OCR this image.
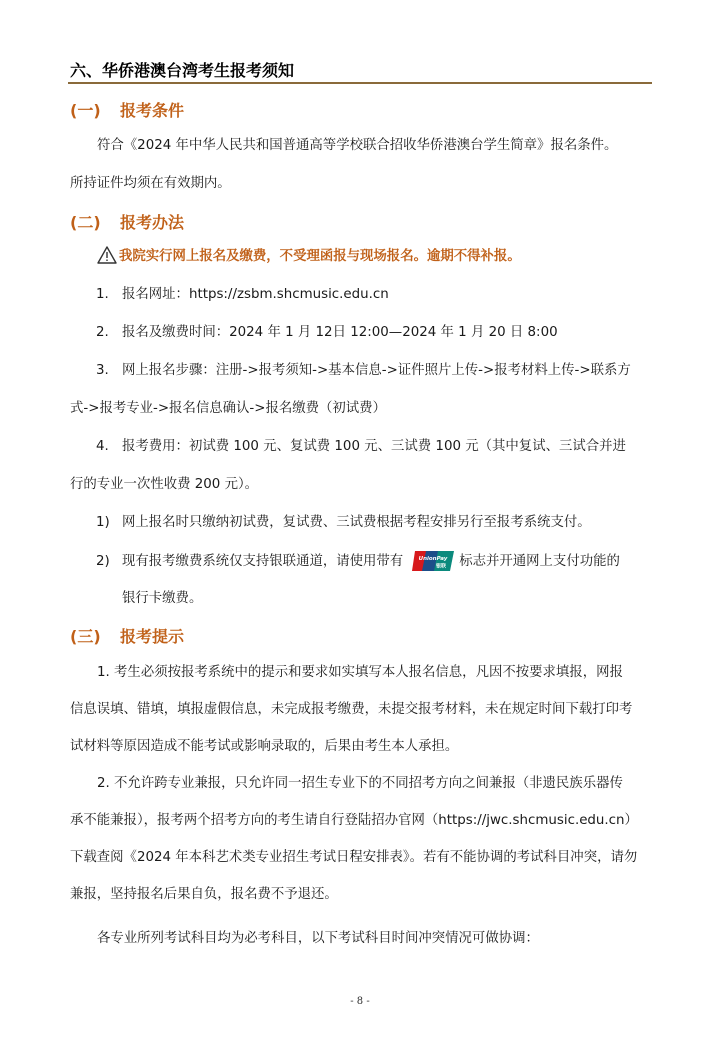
六、华侨港澳台湾考生报考须知
(一) 报考条件
符合《2024 年中华人民共和国普通高等学校联合招收华侨港澳台学生简章》报名条件。
所持证件均须在有效期内。
(二) 报考办法
我院实行网上报名及缴费，不受理函报与现场报名。逾期不得补报。
1. 报名网址：https://zsbm.shcmusic.edu.cn
2. 报名及缴费时间：2024 年 1 月 12日 12:00—2024 年 1 月 20 日 8:00
3. 网上报名步骤：注册->报考须知->基本信息->证件照片上传->报考材料上传->联系方
式->报考专业->报名信息确认->报名缴费（初试费）
4. 报考费用：初试费 100 元、复试费 100 元、三试费 100 元（其中复试、三试合并进
行的专业一次性收费 200 元）。
1) 网上报名时只缴纳初试费，复试费、三试费根据考程安排另行至报考系统支付。
2) 现有报考缴费系统仅支持银联通道，请使用带有	UnionPay
银联 标志并开通网上支付功能的
银行卡缴费。
(三) 报考提示
1. 考生必须按报考系统中的提示和要求如实填写本人报名信息，凡因不按要求填报，网报
信息误填、错填，填报虚假信息，未完成报考缴费，未提交报考材料，未在规定时间下载打印考
试材料等原因造成不能考试或影响录取的，后果由考生本人承担。
2. 不允许跨专业兼报，只允许同一招生专业下的不同招考方向之间兼报（非遗民族乐器传
承不能兼报），报考两个招考方向的考生请自行登陆招办官网（https://jwc.shcmusic.edu.cn）
下载查阅《2024 年本科艺术类专业招生考试日程安排表》。若有不能协调的考试科目冲突，请勿
兼报，坚持报名后果自负，报名费不予退还。
各专业所列考试科目均为必考科目，以下考试科目时间冲突情况可做协调：
- 8 -
